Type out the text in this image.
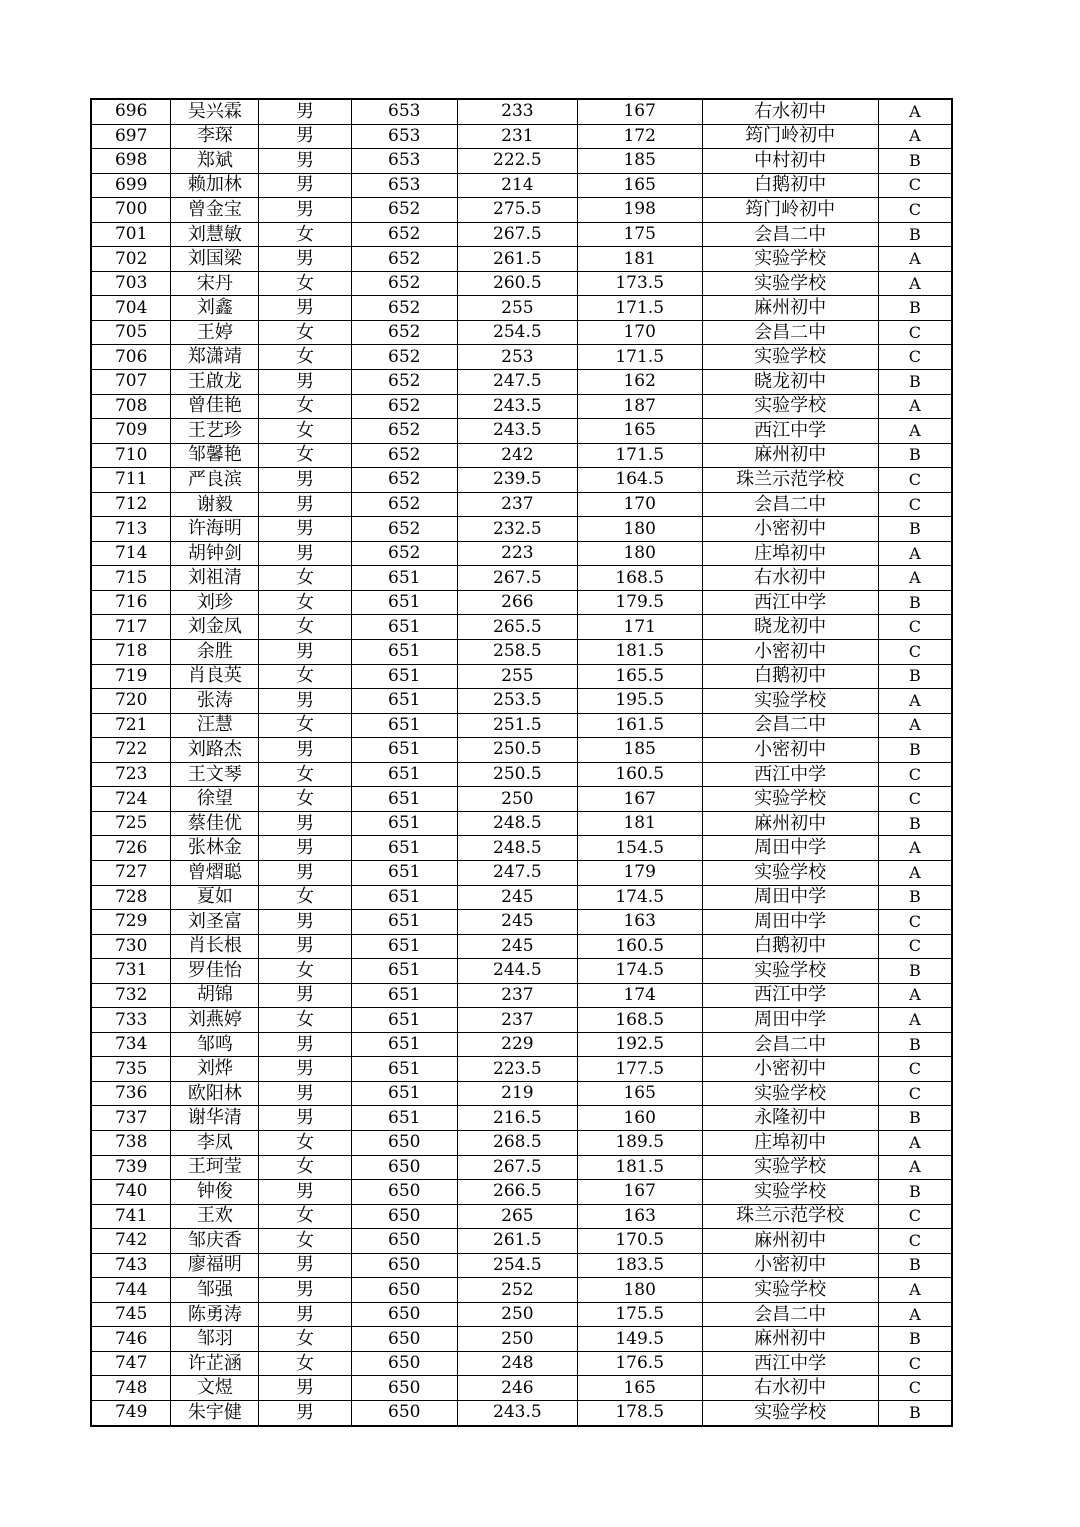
696	吴兴霖	男	653	233	167	右水初中	A
697	李琛	男	653	231	172	筠门岭初中	A
698	郑斌	男	653	222.5	185	中村初中	B
699	赖加林	男	653	214	165	白鹅初中	C
700	曾金宝	男	652	275.5	198	筠门岭初中	C
701	刘慧敏	女	652	267.5	175	会昌二中	B
702	刘国梁	男	652	261.5	181	实验学校	A
703	宋丹	女	652	260.5	173.5	实验学校	A
704	刘鑫	男	652	255	171.5	麻州初中	B
705	王婷	女	652	254.5	170	会昌二中	C
706	郑潇靖	女	652	253	171.5	实验学校	C
707	王啟龙	男	652	247.5	162	晓龙初中	B
708	曾佳艳	女	652	243.5	187	实验学校	A
709	王艺珍	女	652	243.5	165	西江中学	A
710	邹馨艳	女	652	242	171.5	麻州初中	B
711	严良滨	男	652	239.5	164.5	珠兰示范学校	C
712	谢毅	男	652	237	170	会昌二中	C
713	许海明	男	652	232.5	180	小密初中	B
714	胡钟剑	男	652	223	180	庄埠初中	A
715	刘祖清	女	651	267.5	168.5	右水初中	A
716	刘珍	女	651	266	179.5	西江中学	B
717	刘金凤	女	651	265.5	171	晓龙初中	C
718	余胜	男	651	258.5	181.5	小密初中	C
719	肖良英	女	651	255	165.5	白鹅初中	B
720	张涛	男	651	253.5	195.5	实验学校	A
721	汪慧	女	651	251.5	161.5	会昌二中	A
722	刘路杰	男	651	250.5	185	小密初中	B
723	王文琴	女	651	250.5	160.5	西江中学	C
724	徐望	女	651	250	167	实验学校	C
725	蔡佳优	男	651	248.5	181	麻州初中	B
726	张林金	男	651	248.5	154.5	周田中学	A
727	曾熠聪	男	651	247.5	179	实验学校	A
728	夏如	女	651	245	174.5	周田中学	B
729	刘圣富	男	651	245	163	周田中学	C
730	肖长根	男	651	245	160.5	白鹅初中	C
731	罗佳怡	女	651	244.5	174.5	实验学校	B
732	胡锦	男	651	237	174	西江中学	A
733	刘燕婷	女	651	237	168.5	周田中学	A
734	邹鸣	男	651	229	192.5	会昌二中	B
735	刘烨	男	651	223.5	177.5	小密初中	C
736	欧阳林	男	651	219	165	实验学校	C
737	谢华清	男	651	216.5	160	永隆初中	B
738	李凤	女	650	268.5	189.5	庄埠初中	A
739	王珂莹	女	650	267.5	181.5	实验学校	A
740	钟俊	男	650	266.5	167	实验学校	B
741	王欢	女	650	265	163	珠兰示范学校	C
742	邹庆香	女	650	261.5	170.5	麻州初中	C
743	廖福明	男	650	254.5	183.5	小密初中	B
744	邹强	男	650	252	180	实验学校	A
745	陈勇涛	男	650	250	175.5	会昌二中	A
746	邹羽	女	650	250	149.5	麻州初中	B
747	许芷涵	女	650	248	176.5	西江中学	C
748	文煜	男	650	246	165	右水初中	C
749	朱宇健	男	650	243.5	178.5	实验学校	B
